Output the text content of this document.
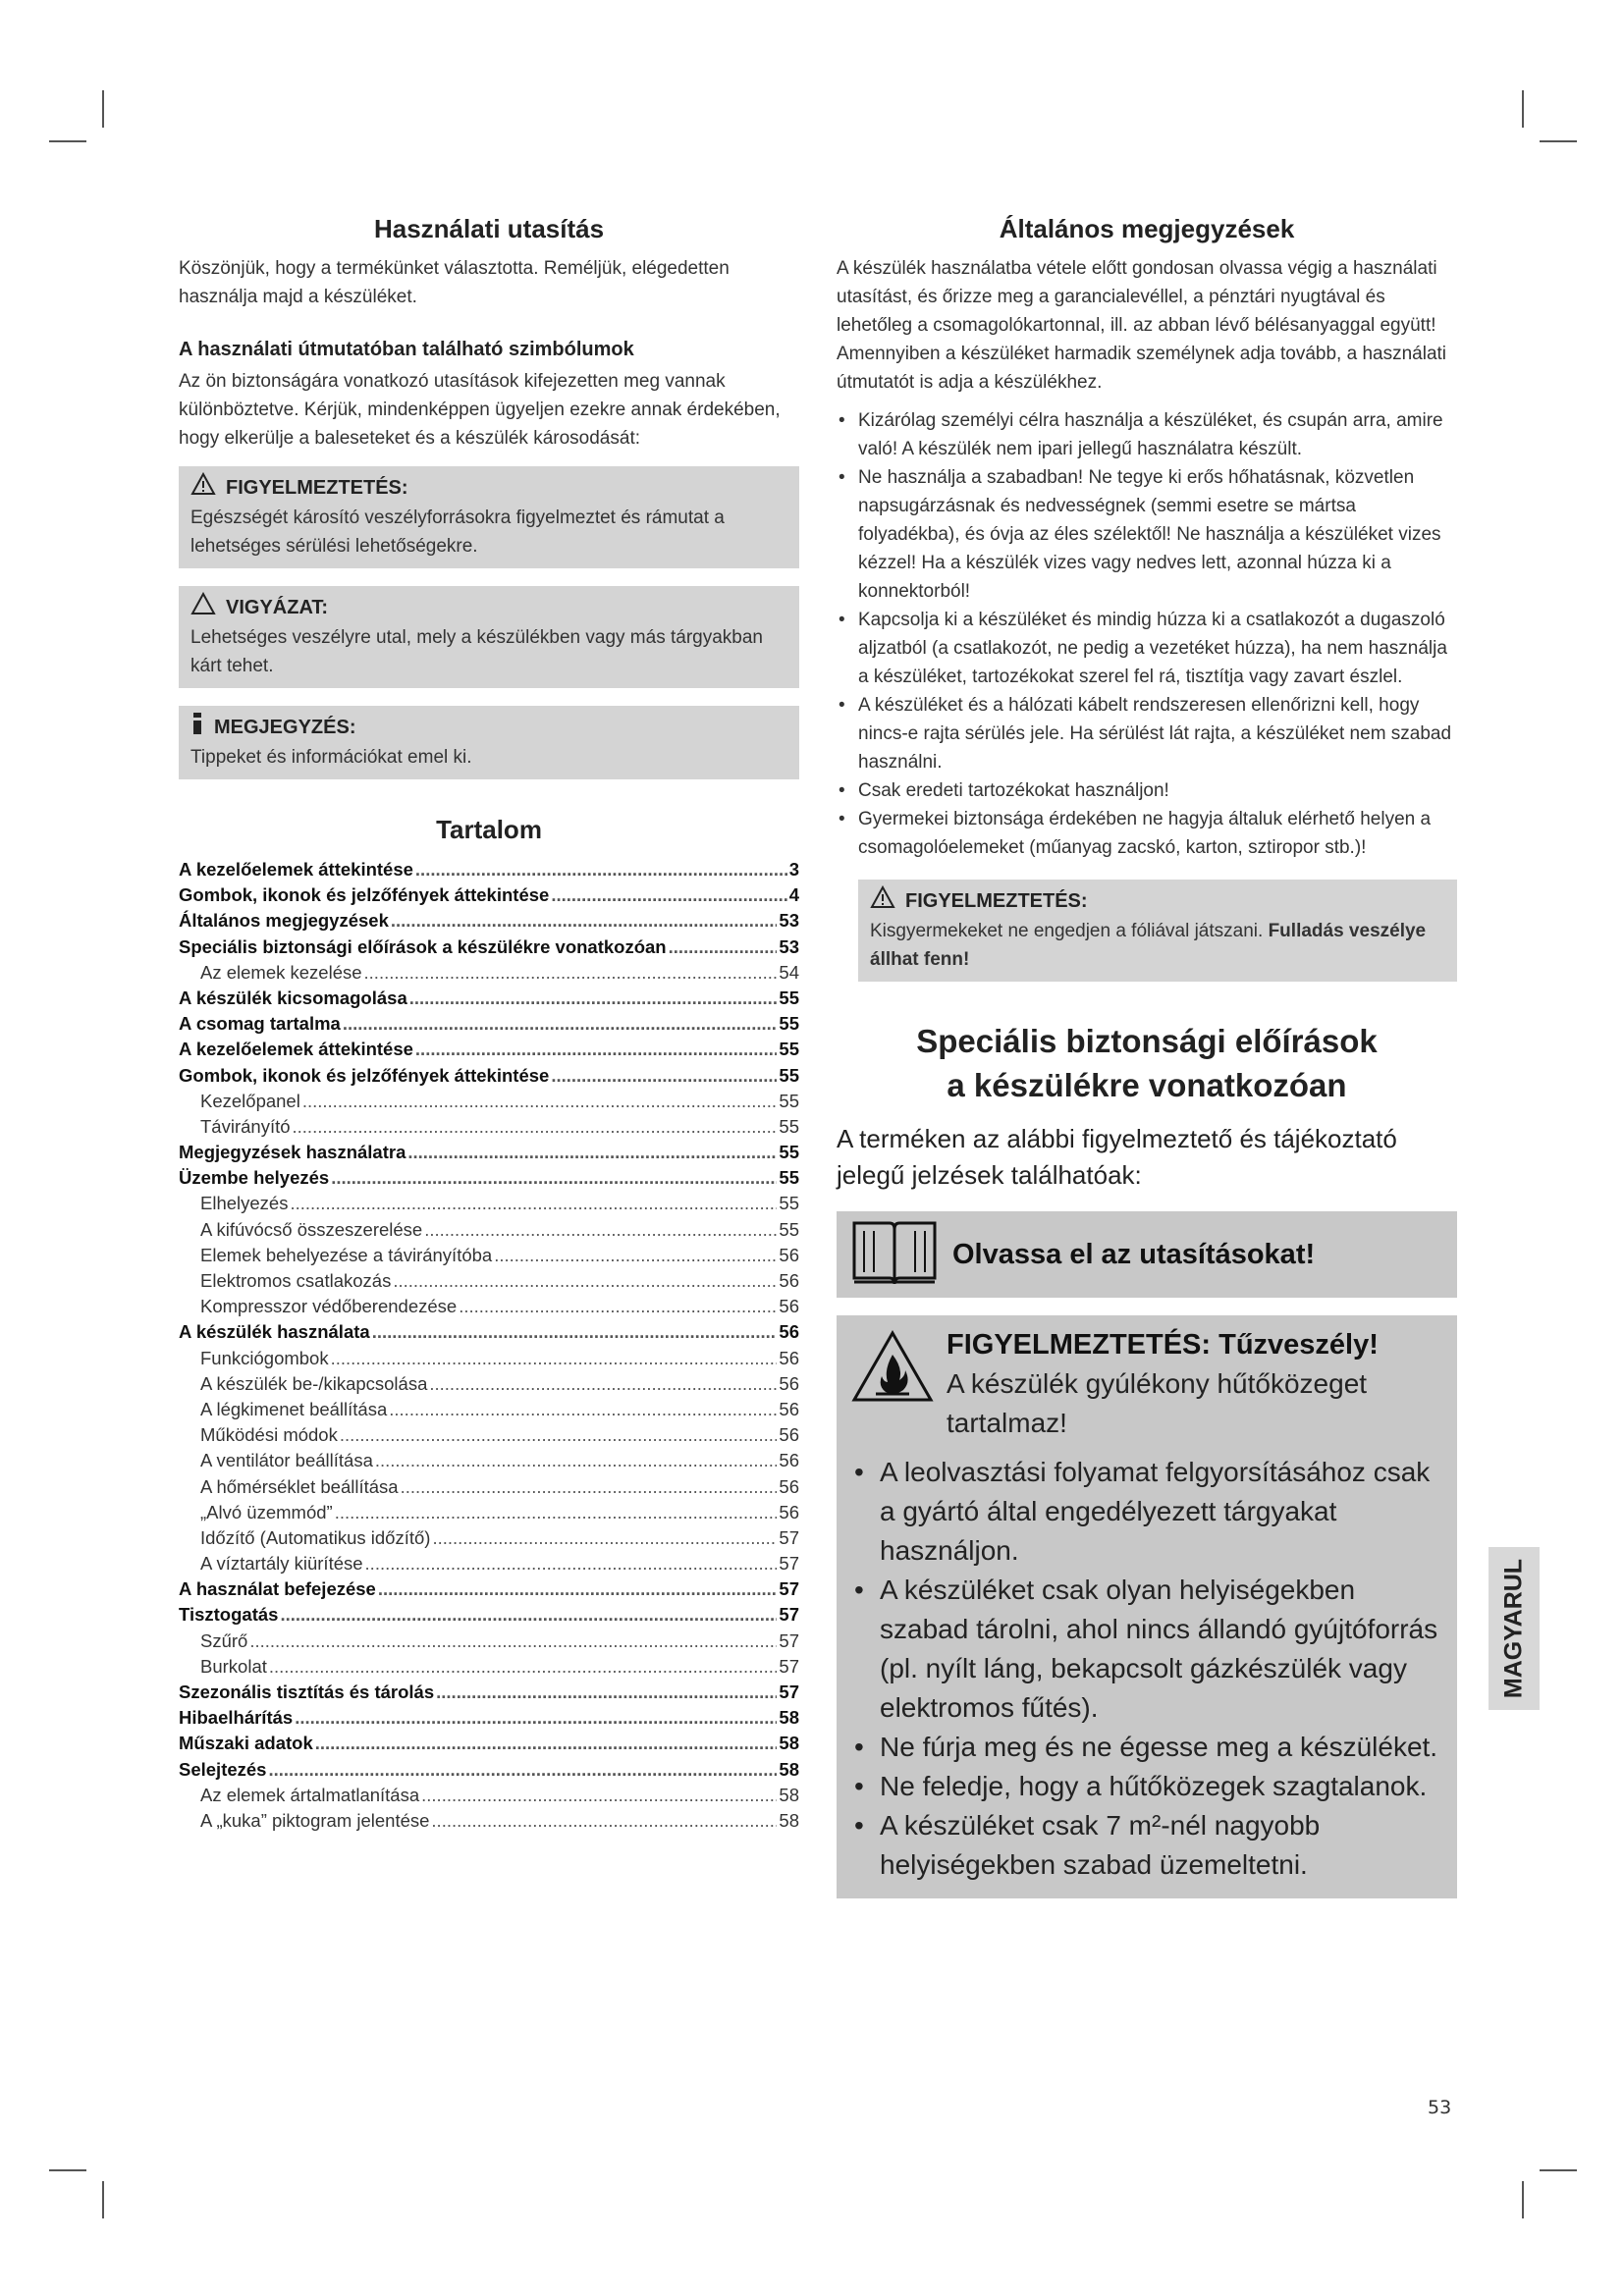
Használati utasítás

Köszönjük, hogy a termékünket választotta. Reméljük, elégedetten használja majd a készüléket.

A használati útmutatóban található szimbólumok

Az ön biztonságára vonatkozó utasítások kifejezetten meg vannak különböztetve. Kérjük, mindenképpen ügyeljen ezekre annak érdekében, hogy elkerülje a baleseteket és a készülék károsodását:

FIGYELMEZTETÉS:
Egészségét károsító veszélyforrásokra figyelmeztet és rámutat a lehetséges sérülési lehetőségekre.
VIGYÁZAT:
Lehetséges veszélyre utal, mely a készülékben vagy más tárgyakban kárt tehet.
MEGJEGYZÉS:
Tippeket és információkat emel ki.
Tartalom
A kezelőelemek áttekintése .....	3
Gombok, ikonok és jelzőfények áttekintése .....	4
Általános megjegyzések .....	53
Speciális biztonsági előírások a készülékre vonatkozóan .....	53
Az elemek kezelése .....	54
A készülék kicsomagolása .....	55
A csomag tartalma .....	55
A kezelőelemek áttekintése .....	55
Gombok, ikonok és jelzőfények áttekintése .....	55
Kezelőpanel .....	55
Távirányító .....	55
Megjegyzések használatra .....	55
Üzembe helyezés .....	55
Elhelyezés .....	55
A kifúvócső összeszerelése .....	55
Elemek behelyezése a távirányítóba .....	56
Elektromos csatlakozás .....	56
Kompresszor védőberendezése .....	56
A készülék használata .....	56
Funkciógombok .....	56
A készülék be-/kikapcsolása .....	56
A légkimenet beállítása .....	56
Működési módok .....	56
A ventilátor beállítása .....	56
A hőmérséklet beállítása .....	56
„Alvó üzemmód” .....	56
Időzítő (Automatikus időzítő) .....	57
A víztartály kiürítése .....	57
A használat befejezése .....	57
Tisztogatás .....	57
Szűrő .....	57
Burkolat .....	57
Szezonális tisztítás és tárolás .....	57
Hibaelhárítás .....	58
Műszaki adatok .....	58
Selejtezés .....	58
Az elemek ártalmatlanítása .....	58
A „kuka” piktogram jelentése .....	58
Általános megjegyzések

A készülék használatba vétele előtt gondosan olvassa végig a használati utasítást, és őrizze meg a garancialevéllel, a pénztári nyugtával és lehetőleg a csomagolókartonnal, ill. az abban lévő bélésanyaggal együtt! Amennyiben a készüléket harmadik személynek adja tovább, a használati útmutatót is adja a készülékhez.

• Kizárólag személyi célra használja a készüléket, és csupán arra, amire való! A készülék nem ipari jellegű használatra készült.
• Ne használja a szabadban! Ne tegye ki erős hőhatásnak, közvetlen napsugárzásnak és nedvességnek (semmi esetre se mártsa folyadékba), és óvja az éles szélektől! Ne használja a készüléket vizes kézzel! Ha a készülék vizes vagy nedves lett, azonnal húzza ki a konnektorból!
• Kapcsolja ki a készüléket és mindig húzza ki a csatlakozót a dugaszoló aljzatból (a csatlakozót, ne pedig a vezetéket húzza), ha nem használja a készüléket, tartozékokat szerel fel rá, tisztítja vagy zavart észlel.
• A készüléket és a hálózati kábelt rendszeresen ellenőrizni kell, hogy nincs-e rajta sérülés jele. Ha sérülést lát rajta, a készüléket nem szabad használni.
• Csak eredeti tartozékokat használjon!
• Gyermekei biztonsága érdekében ne hagyja általuk elérhető helyen a csomagolóelemeket (műanyag zacskó, karton, sztiropor stb.)!
FIGYELMEZTETÉS:
Kisgyermekeket ne engedjen a fóliával játszani. Fulladás veszélye állhat fenn!
Speciális biztonsági előírások
a készülékre vonatkozóan

A terméken az alábbi figyelmeztető és tájékoztató jelegű jelzések találhatóak:

Olvassa el az utasításokat!
FIGYELMEZTETÉS: Tűzveszély!
A készülék gyúlékony hűtőközeget tartalmaz!
• A leolvasztási folyamat felgyorsításához csak a gyártó által engedélyezett tárgyakat használjon.
• A készüléket csak olyan helyiségekben szabad tárolni, ahol nincs állandó gyújtóforrás (pl. nyílt láng, bekapcsolt gázkészülék vagy elektromos fűtés).
• Ne fúrja meg és ne égesse meg a készüléket.
• Ne feledje, hogy a hűtőközegek szagtalanok.
• A készüléket csak 7 m²-nél nagyobb helyiségekben szabad üzemeltetni.
MAGYARUL
53
